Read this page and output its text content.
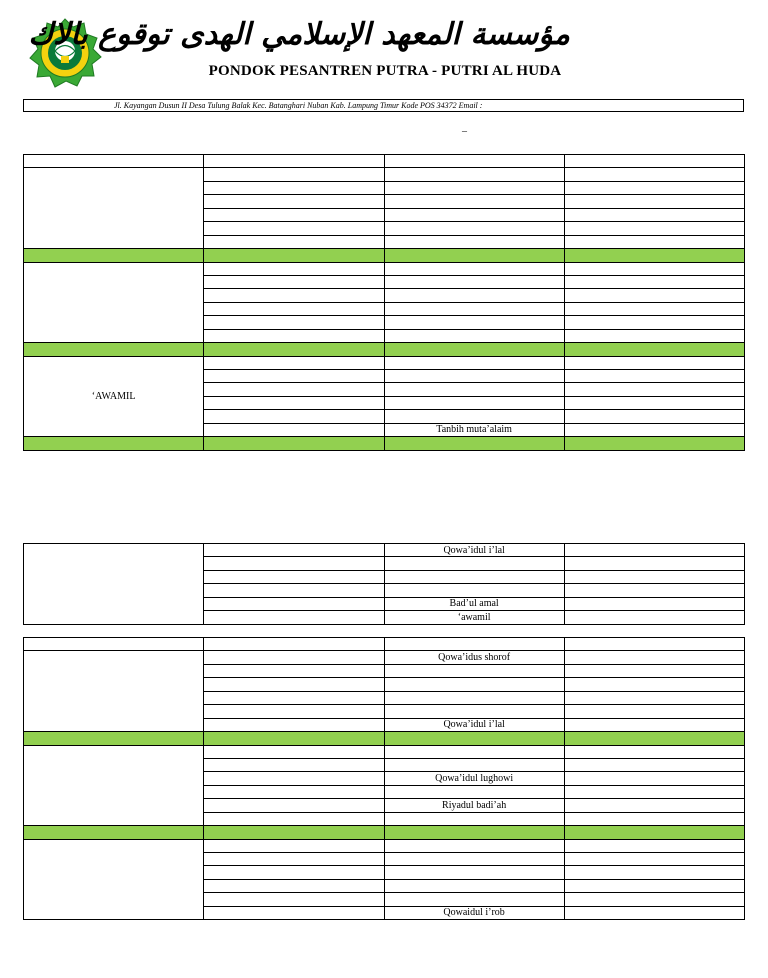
مؤسسة المعهد الإسلامي الهدى توقوع بالاك
PONDOK PESANTREN PUTRA - PUTRI AL HUDA
Jl. Kayangan Dusun II Desa Tulung Balak Kec. Batanghari Nuban Kab. Lampung Timur Kode POS 34372 Email :
–

‘AWAMIL			

		Tanbih muta’alaim	

		Qowa’idul i’lal	

		Bad’ul amal	
		‘awamil	

		Qowa’idus shorof	

		Qowa’idul i’lal	

		Qowa’idul lughowi	

		Riyadul badi’ah	

		Qowaidul i’rob	
